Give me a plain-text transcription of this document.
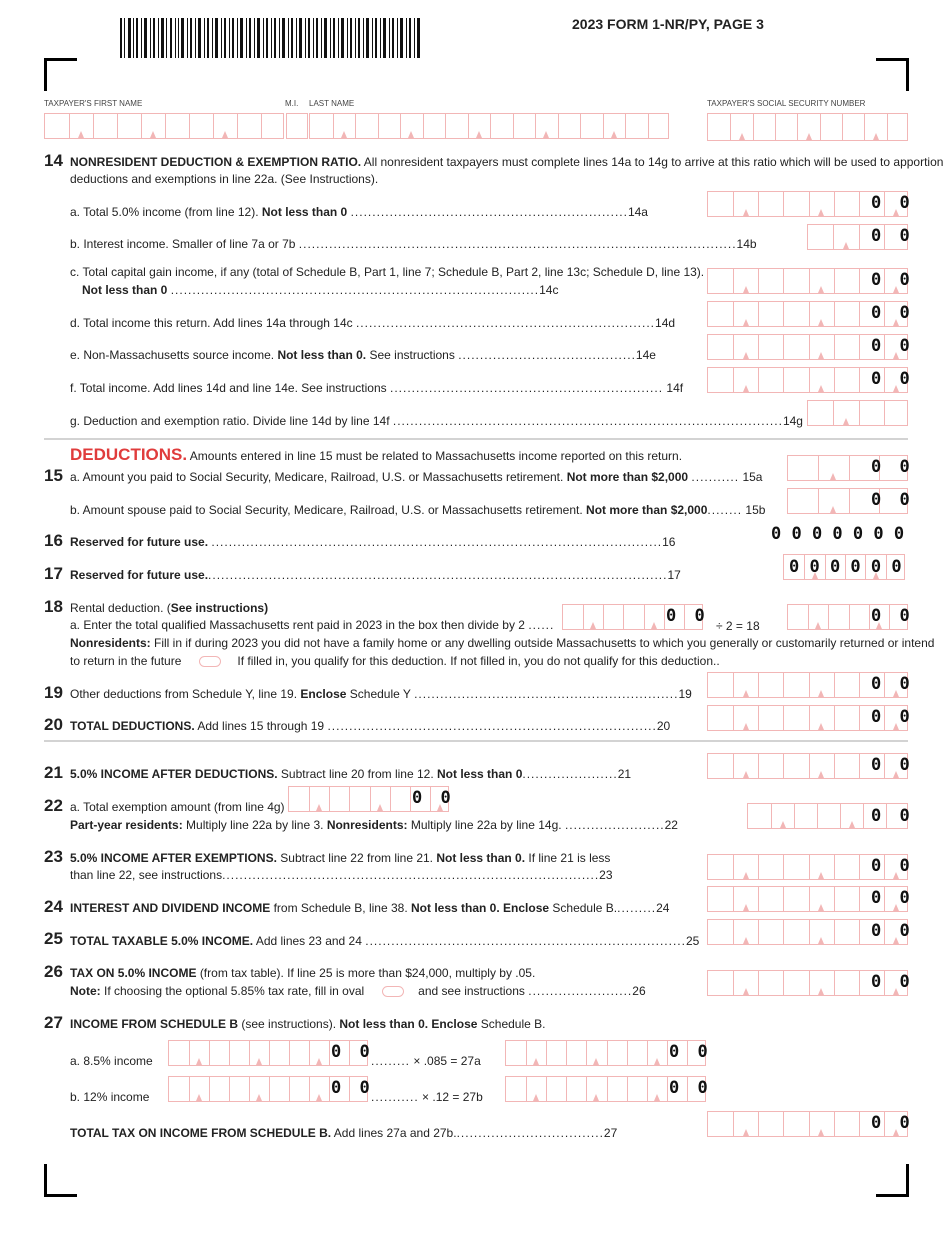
2023 FORM 1-NR/PY, PAGE 3
TAXPAYER'S FIRST NAME	M.I. LAST NAME	TAXPAYER'S SOCIAL SECURITY NUMBER
14 NONRESIDENT DEDUCTION & EXEMPTION RATIO. All nonresident taxpayers must complete lines 14a to 14g to arrive at this ratio which will be used to apportion
deductions and exemptions in line 22a. (See Instructions).
a. Total 5.0% income (from line 12). Not less than 0 ................................................................14a	0 0
b. Interest income. Smaller of line 7a or 7b .....................................................................................................14b	0 0
c. Total capital gain income, if any (total of Schedule B, Part 1, line 7; Schedule B, Part 2, line 13c; Schedule D, line 13).
Not less than 0 .....................................................................................14c	0 0
d. Total income this return. Add lines 14a through 14c .....................................................................14d	0 0
e. Non-Massachusetts source income. Not less than 0. See instructions .........................................14e	0 0
f. Total income. Add lines 14d and line 14e. See instructions ............................................................... 14f	0 0
g. Deduction and exemption ratio. Divide line 14d by line 14f ..........................................................................................14g
DEDUCTIONS. Amounts entered in line 15 must be related to Massachusetts income reported on this return.
15 a. Amount you paid to Social Security, Medicare, Railroad, U.S. or Massachusetts retirement. Not more than $2,000 ........... 15a	0 0
b. Amount spouse paid to Social Security, Medicare, Railroad, U.S. or Massachusetts retirement. Not more than $2,000........ 15b	0 0
16 Reserved for future use. ........................................................................................................16	0 0 0 0 0 0 0
17 Reserved for future use...........................................................................................................17	0 0 0 0 0 0
18 Rental deduction. (See instructions)
a. Enter the total qualified Massachusetts rent paid in 2023 in the box then divide by 2 ......	0 0 ÷ 2 = 18	0 0
Nonresidents: Fill in if during 2023 you did not have a family home or any dwelling outside Massachusetts to which you generally or customarily returned or intend
to return in the future	If filled in, you qualify for this deduction. If not filled in, you do not qualify for this deduction..
19 Other deductions from Schedule Y, line 19. Enclose Schedule Y .............................................................19	0 0
20 TOTAL DEDUCTIONS. Add lines 15 through 19 ............................................................................20	0 0
21 5.0% INCOME AFTER DEDUCTIONS. Subtract line 20 from line 12. Not less than 0......................21	0 0
22 a. Total exemption amount (from line 4g)	0 0
Part-year residents: Multiply line 22a by line 3. Nonresidents: Multiply line 22a by line 14g. .......................22	0 0
23 5.0% INCOME AFTER EXEMPTIONS. Subtract line 22 from line 21. Not less than 0. If line 21 is less
than line 22, see instructions.......................................................................................23	0 0
24 INTEREST AND DIVIDEND INCOME from Schedule B, line 38. Not less than 0. Enclose Schedule B..........24	0 0
25 TOTAL TAXABLE 5.0% INCOME. Add lines 23 and 24 ..........................................................................25	0 0
26 TAX ON 5.0% INCOME (from tax table). If line 25 is more than $24,000, multiply by .05.
Note: If choosing the optional 5.85% tax rate, fill in oval	and see instructions ........................26	0 0
27 INCOME FROM SCHEDULE B (see instructions). Not less than 0. Enclose Schedule B.
a. 8.5% income	0 0
......... × .085 = 27a	0 0
b. 12% income	0 0
........... × .12 = 27b	0 0
TOTAL TAX ON INCOME FROM SCHEDULE B. Add lines 27a and 27b...................................27	0 0
